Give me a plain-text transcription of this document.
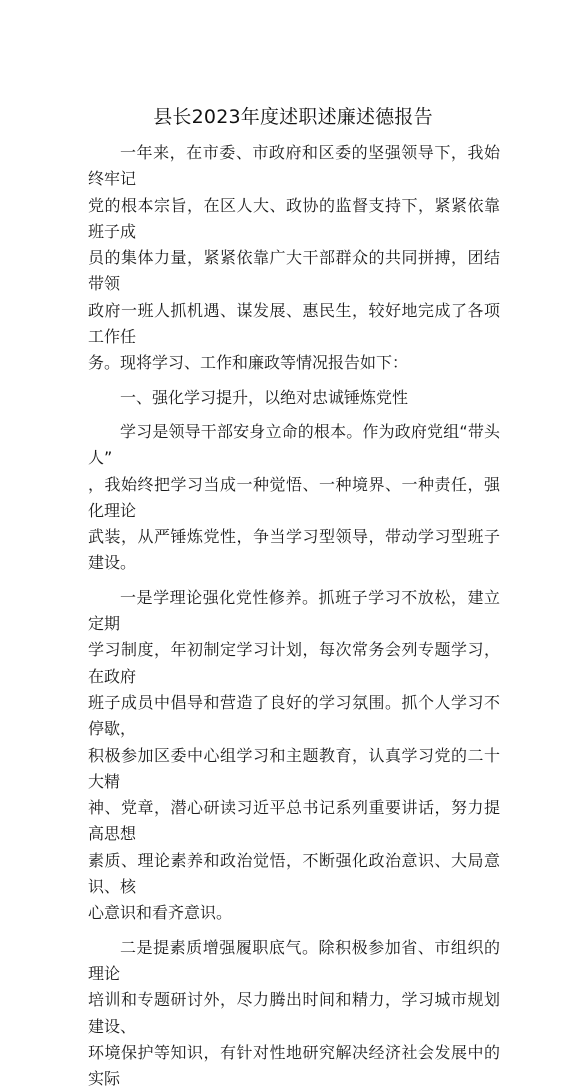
县长2023年度述职述廉述德报告

一年来，在市委、市政府和区委的坚强领导下，我始终牢记
党的根本宗旨，在区人大、政协的监督支持下，紧紧依靠班子成
员的集体力量，紧紧依靠广大干部群众的共同拼搏，团结带领
政府一班人抓机遇、谋发展、惠民生，较好地完成了各项工作任
务。现将学习、工作和廉政等情况报告如下：

一、强化学习提升，以绝对忠诚锤炼党性

学习是领导干部安身立命的根本。作为政府党组“带头人”
，我始终把学习当成一种觉悟、一种境界、一种责任，强化理论
武装，从严锤炼党性，争当学习型领导，带动学习型班子建设。

一是学理论强化党性修养。抓班子学习不放松，建立定期
学习制度，年初制定学习计划，每次常务会列专题学习，在政府
班子成员中倡导和营造了良好的学习氛围。抓个人学习不停歇，
积极参加区委中心组学习和主题教育，认真学习党的二十大精
神、党章，潜心研读习近平总书记系列重要讲话，努力提高思想
素质、理论素养和政治觉悟，不断强化政治意识、大局意识、核
心意识和看齐意识。

二是提素质增强履职底气。除积极参加省、市组织的理论
培训和专题研讨外，尽力腾出时间和精力，学习城市规划建设、
环境保护等知识，有针对性地研究解决经济社会发展中的实际
